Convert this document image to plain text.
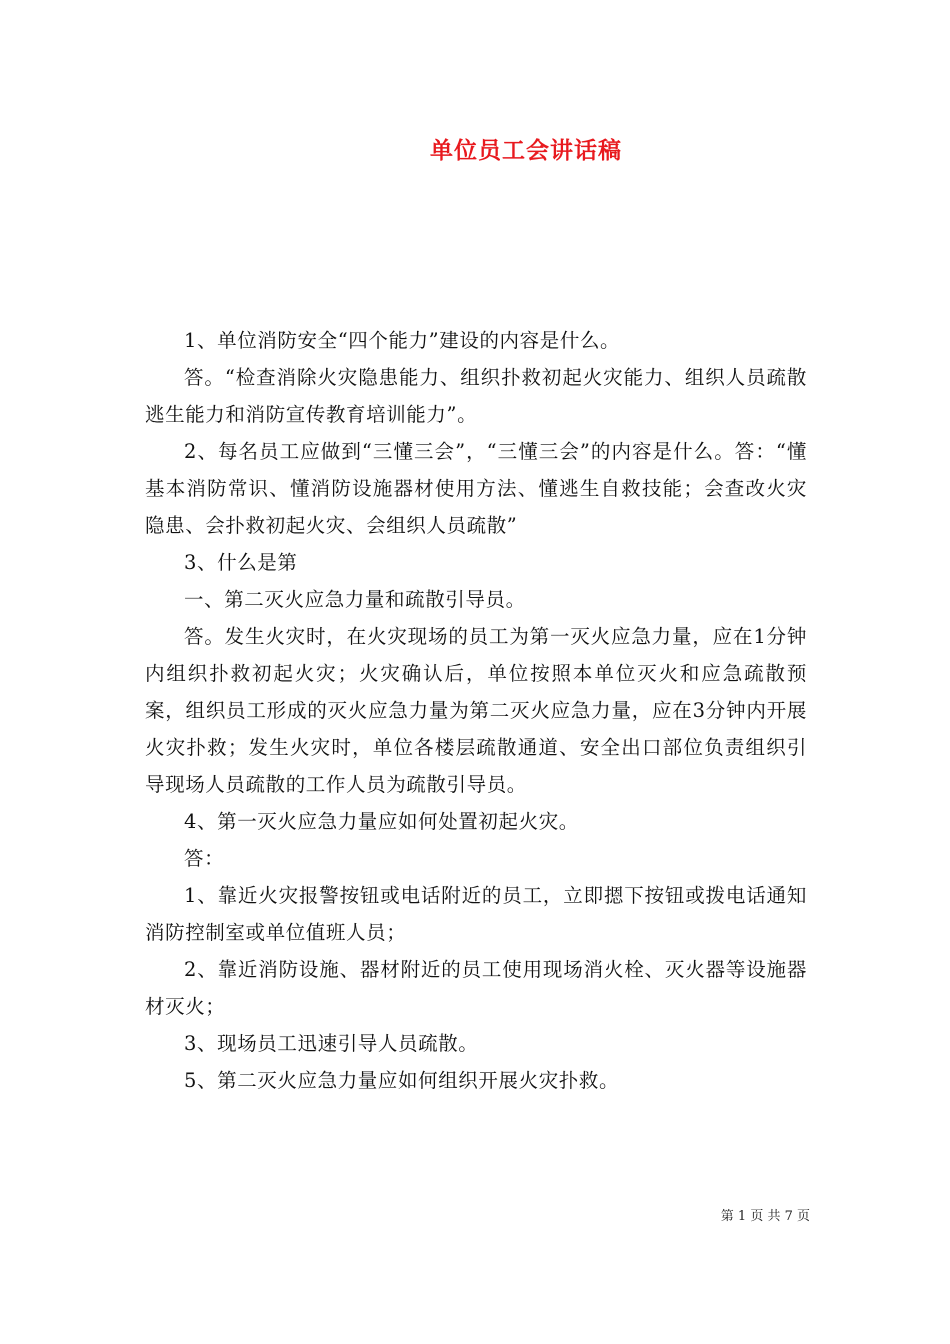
单位员工会讲话稿

1、单位消防安全“四个能力”建设的内容是什么。

答。“检查消除火灾隐患能力、组织扑救初起火灾能力、组织人员疏散逃生能力和消防宣传教育培训能力”。

2、每名员工应做到“三懂三会”，“三懂三会”的内容是什么。答：“懂基本消防常识、懂消防设施器材使用方法、懂逃生自救技能；会查改火灾隐患、会扑救初起火灾、会组织人员疏散”

3、什么是第

一、第二灭火应急力量和疏散引导员。

答。发生火灾时，在火灾现场的员工为第一灭火应急力量，应在1分钟内组织扑救初起火灾；火灾确认后，单位按照本单位灭火和应急疏散预案，组织员工形成的灭火应急力量为第二灭火应急力量，应在3分钟内开展火灾扑救；发生火灾时，单位各楼层疏散通道、安全出口部位负责组织引导现场人员疏散的工作人员为疏散引导员。

4、第一灭火应急力量应如何处置初起火灾。

答：

1、靠近火灾报警按钮或电话附近的员工，立即摁下按钮或拨电话通知消防控制室或单位值班人员；

2、靠近消防设施、器材附近的员工使用现场消火栓、灭火器等设施器材灭火；

3、现场员工迅速引导人员疏散。

5、第二灭火应急力量应如何组织开展火灾扑救。

第 1 页 共 7 页
